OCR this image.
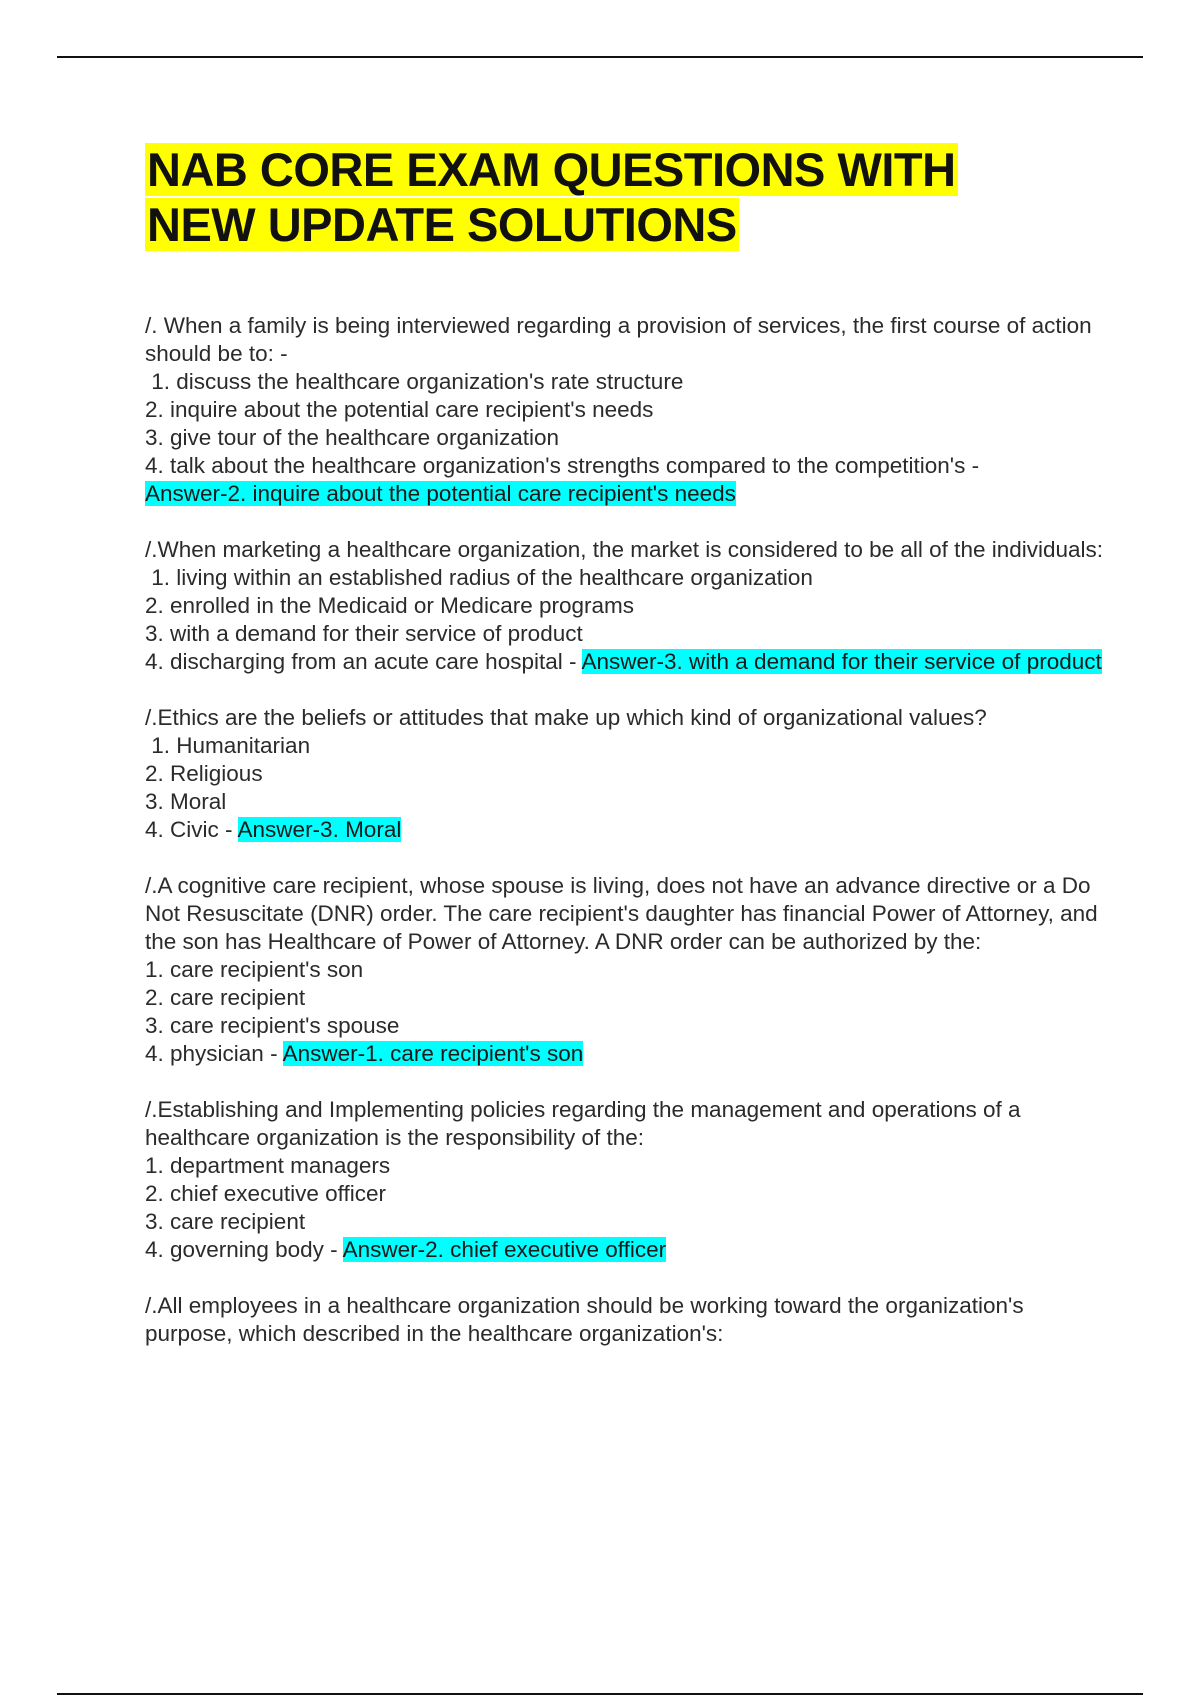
NAB CORE EXAM QUESTIONS WITH
NEW UPDATE SOLUTIONS
/. When a family is being interviewed regarding a provision of services, the first course of action should be to: -
1. discuss the healthcare organization's rate structure
2. inquire about the potential care recipient's needs
3. give tour of the healthcare organization
4. talk about the healthcare organization's strengths compared to the competition's -
Answer-2. inquire about the potential care recipient's needs
/.When marketing a healthcare organization, the market is considered to be all of the individuals:
1. living within an established radius of the healthcare organization
2. enrolled in the Medicaid or Medicare programs
3. with a demand for their service of product
4. discharging from an acute care hospital - Answer-3. with a demand for their service of product
/.Ethics are the beliefs or attitudes that make up which kind of organizational values?
1. Humanitarian
2. Religious
3. Moral
4. Civic - Answer-3. Moral
/.A cognitive care recipient, whose spouse is living, does not have an advance directive or a Do Not Resuscitate (DNR) order. The care recipient's daughter has financial Power of Attorney, and the son has Healthcare of Power of Attorney. A DNR order can be authorized by the:
1. care recipient's son
2. care recipient
3. care recipient's spouse
4. physician - Answer-1. care recipient's son
/.Establishing and Implementing policies regarding the management and operations of a healthcare organization is the responsibility of the:
1. department managers
2. chief executive officer
3. care recipient
4. governing body - Answer-2. chief executive officer
/.All employees in a healthcare organization should be working toward the organization's purpose, which described in the healthcare organization's:
